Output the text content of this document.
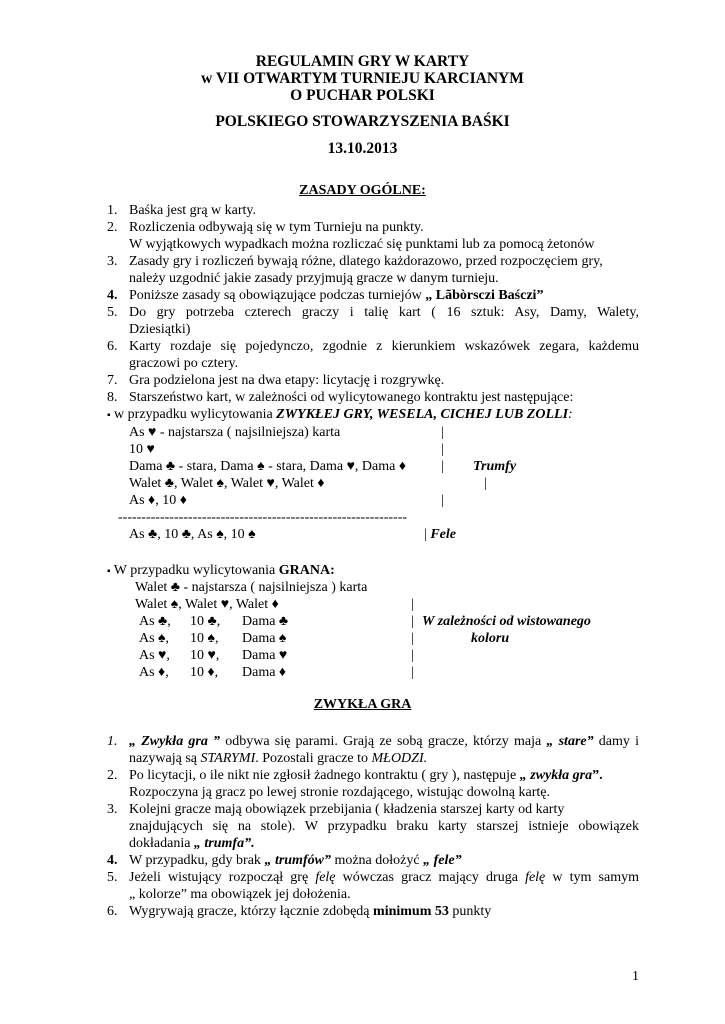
REGULAMIN GRY W KARTY
w VII OTWARTYM TURNIEJU KARCIANYM
O PUCHAR POLSKI
POLSKIEGO STOWARZYSZENIA BAŚKI
13.10.2013
ZASADY OGÓLNE:
1. Baśka jest grą w karty.
2. Rozliczenia odbywają się w tym Turnieju na punkty.
W wyjątkowych wypadkach można rozliczać się punktami lub za pomocą żetonów
3. Zasady gry i rozliczeń bywają różne, dlatego każdorazowo, przed rozpoczęciem gry,
należy uzgodnić jakie zasady przyjmują gracze w danym turnieju.
4. Poniższe zasady są obowiązujące podczas turniejów „ Lãbòrsczi Baśczi”
5. Do gry potrzeba czterech graczy i talię kart ( 16 sztuk: Asy, Damy, Walety,
Dziesiątki)
6. Karty rozdaje się pojedynczo, zgodnie z kierunkiem wskazówek zegara, każdemu
graczowi po cztery.
7. Gra podzielona jest na dwa etapy: licytację i rozgrywkę.
8. Starszeństwo kart, w zależności od wylicytowanego kontraktu jest następujące:
▪ w przypadku wylicytowania ZWYKŁEJ GRY, WESELA, CICHEJ LUB ZOLLI:
As ♥ - najstarsza ( najsilniejsza) karta
10 ♥
Dama ♣ - stara, Dama ♠ - stara, Dama ♥, Dama ♦
Walet ♣, Walet ♠, Walet ♥, Walet ♦
As ♦, 10 ♦
|
|
|
|
|
Trumfy
--------------------------------------------------------------
As ♣, 10 ♣, As ♠, 10 ♠	| Fele
▪ W przypadku wylicytowania GRANA:
Walet ♣ - najstarsza ( najsilniejsza ) karta
Walet ♠, Walet ♥, Walet ♦	|
As ♣, 10 ♣, Dama ♣
As ♠, 10 ♠, Dama ♠
As ♥, 10 ♥, Dama ♥
As ♦, 10 ♦, Dama ♦
|
|
|
|
W zależności od wistowanego
koloru
ZWYKŁA GRA
1. „ Zwykła gra ” odbywa się parami. Grają ze sobą gracze, którzy maja „ stare” damy i
nazywają są STARYMI. Pozostali gracze to MŁODZI.
2. Po licytacji, o ile nikt nie zgłosił żadnego kontraktu ( gry ), następuje „ zwykła gra”.
Rozpoczyna ją gracz po lewej stronie rozdającego, wistując dowolną kartę.
3. Kolejni gracze mają obowiązek przebijania ( kładzenia starszej karty od karty
znajdujących się na stole). W przypadku braku karty starszej istnieje obowiązek
dokładania „ trumfa”.
4. W przypadku, gdy brak „ trumfów” można dołożyć „ fele”
5. Jeżeli wistujący rozpoczął grę felę wówczas gracz mający druga felę w tym samym
„ kolorze” ma obowiązek jej dołożenia.
6. Wygrywają gracze, którzy łącznie zdobędą minimum 53 punkty
1
